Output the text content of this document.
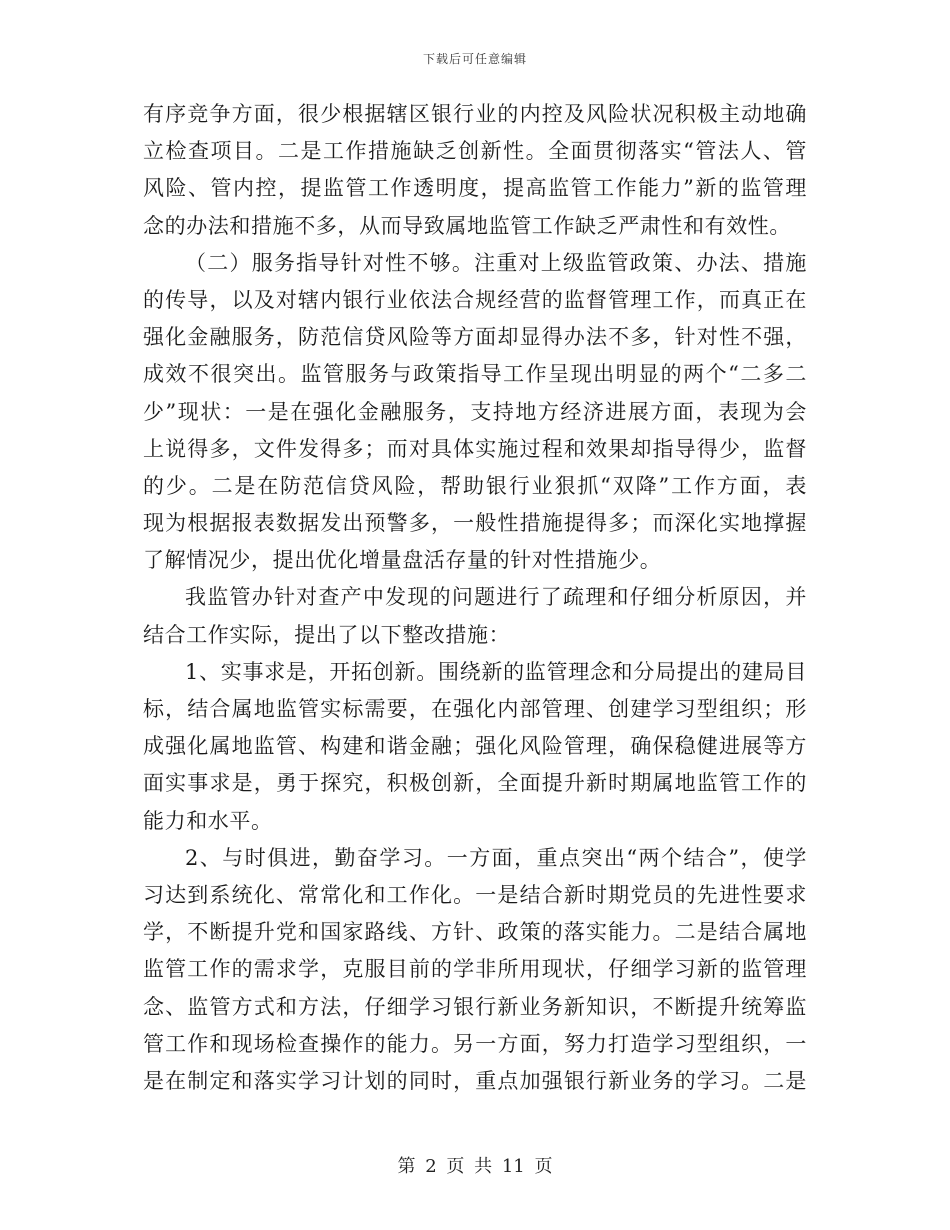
下载后可任意编辑
有序竞争方面，很少根据辖区银行业的内控及风险状况积极主动地确
立检查项目。二是工作措施缺乏创新性。全面贯彻落实“管法人、管
风险、管内控，提监管工作透明度，提高监管工作能力”新的监管理
念的办法和措施不多，从而导致属地监管工作缺乏严肃性和有效性。
（二）服务指导针对性不够。注重对上级监管政策、办法、措施
的传导，以及对辖内银行业依法合规经营的监督管理工作，而真正在
强化金融服务，防范信贷风险等方面却显得办法不多，针对性不强，
成效不很突出。监管服务与政策指导工作呈现出明显的两个“二多二
少”现状：一是在强化金融服务，支持地方经济进展方面，表现为会
上说得多，文件发得多；而对具体实施过程和效果却指导得少，监督
的少。二是在防范信贷风险，帮助银行业狠抓“双降”工作方面，表
现为根据报表数据发出预警多，一般性措施提得多；而深化实地撑握
了解情况少，提出优化增量盘活存量的针对性措施少。
我监管办针对查产中发现的问题进行了疏理和仔细分析原因，并
结合工作实际，提出了以下整改措施：
1、实事求是，开拓创新。围绕新的监管理念和分局提出的建局目
标，结合属地监管实标需要，在强化内部管理、创建学习型组织；形
成强化属地监管、构建和谐金融；强化风险管理，确保稳健进展等方
面实事求是，勇于探究，积极创新，全面提升新时期属地监管工作的
能力和水平。
2、与时俱进，勤奋学习。一方面，重点突出“两个结合”，使学
习达到系统化、常常化和工作化。一是结合新时期党员的先进性要求
学，不断提升党和国家路线、方针、政策的落实能力。二是结合属地
监管工作的需求学，克服目前的学非所用现状，仔细学习新的监管理
念、监管方式和方法，仔细学习银行新业务新知识，不断提升统筹监
管工作和现场检查操作的能力。另一方面，努力打造学习型组织，一
是在制定和落实学习计划的同时，重点加强银行新业务的学习。二是
第 2 页 共 11 页
